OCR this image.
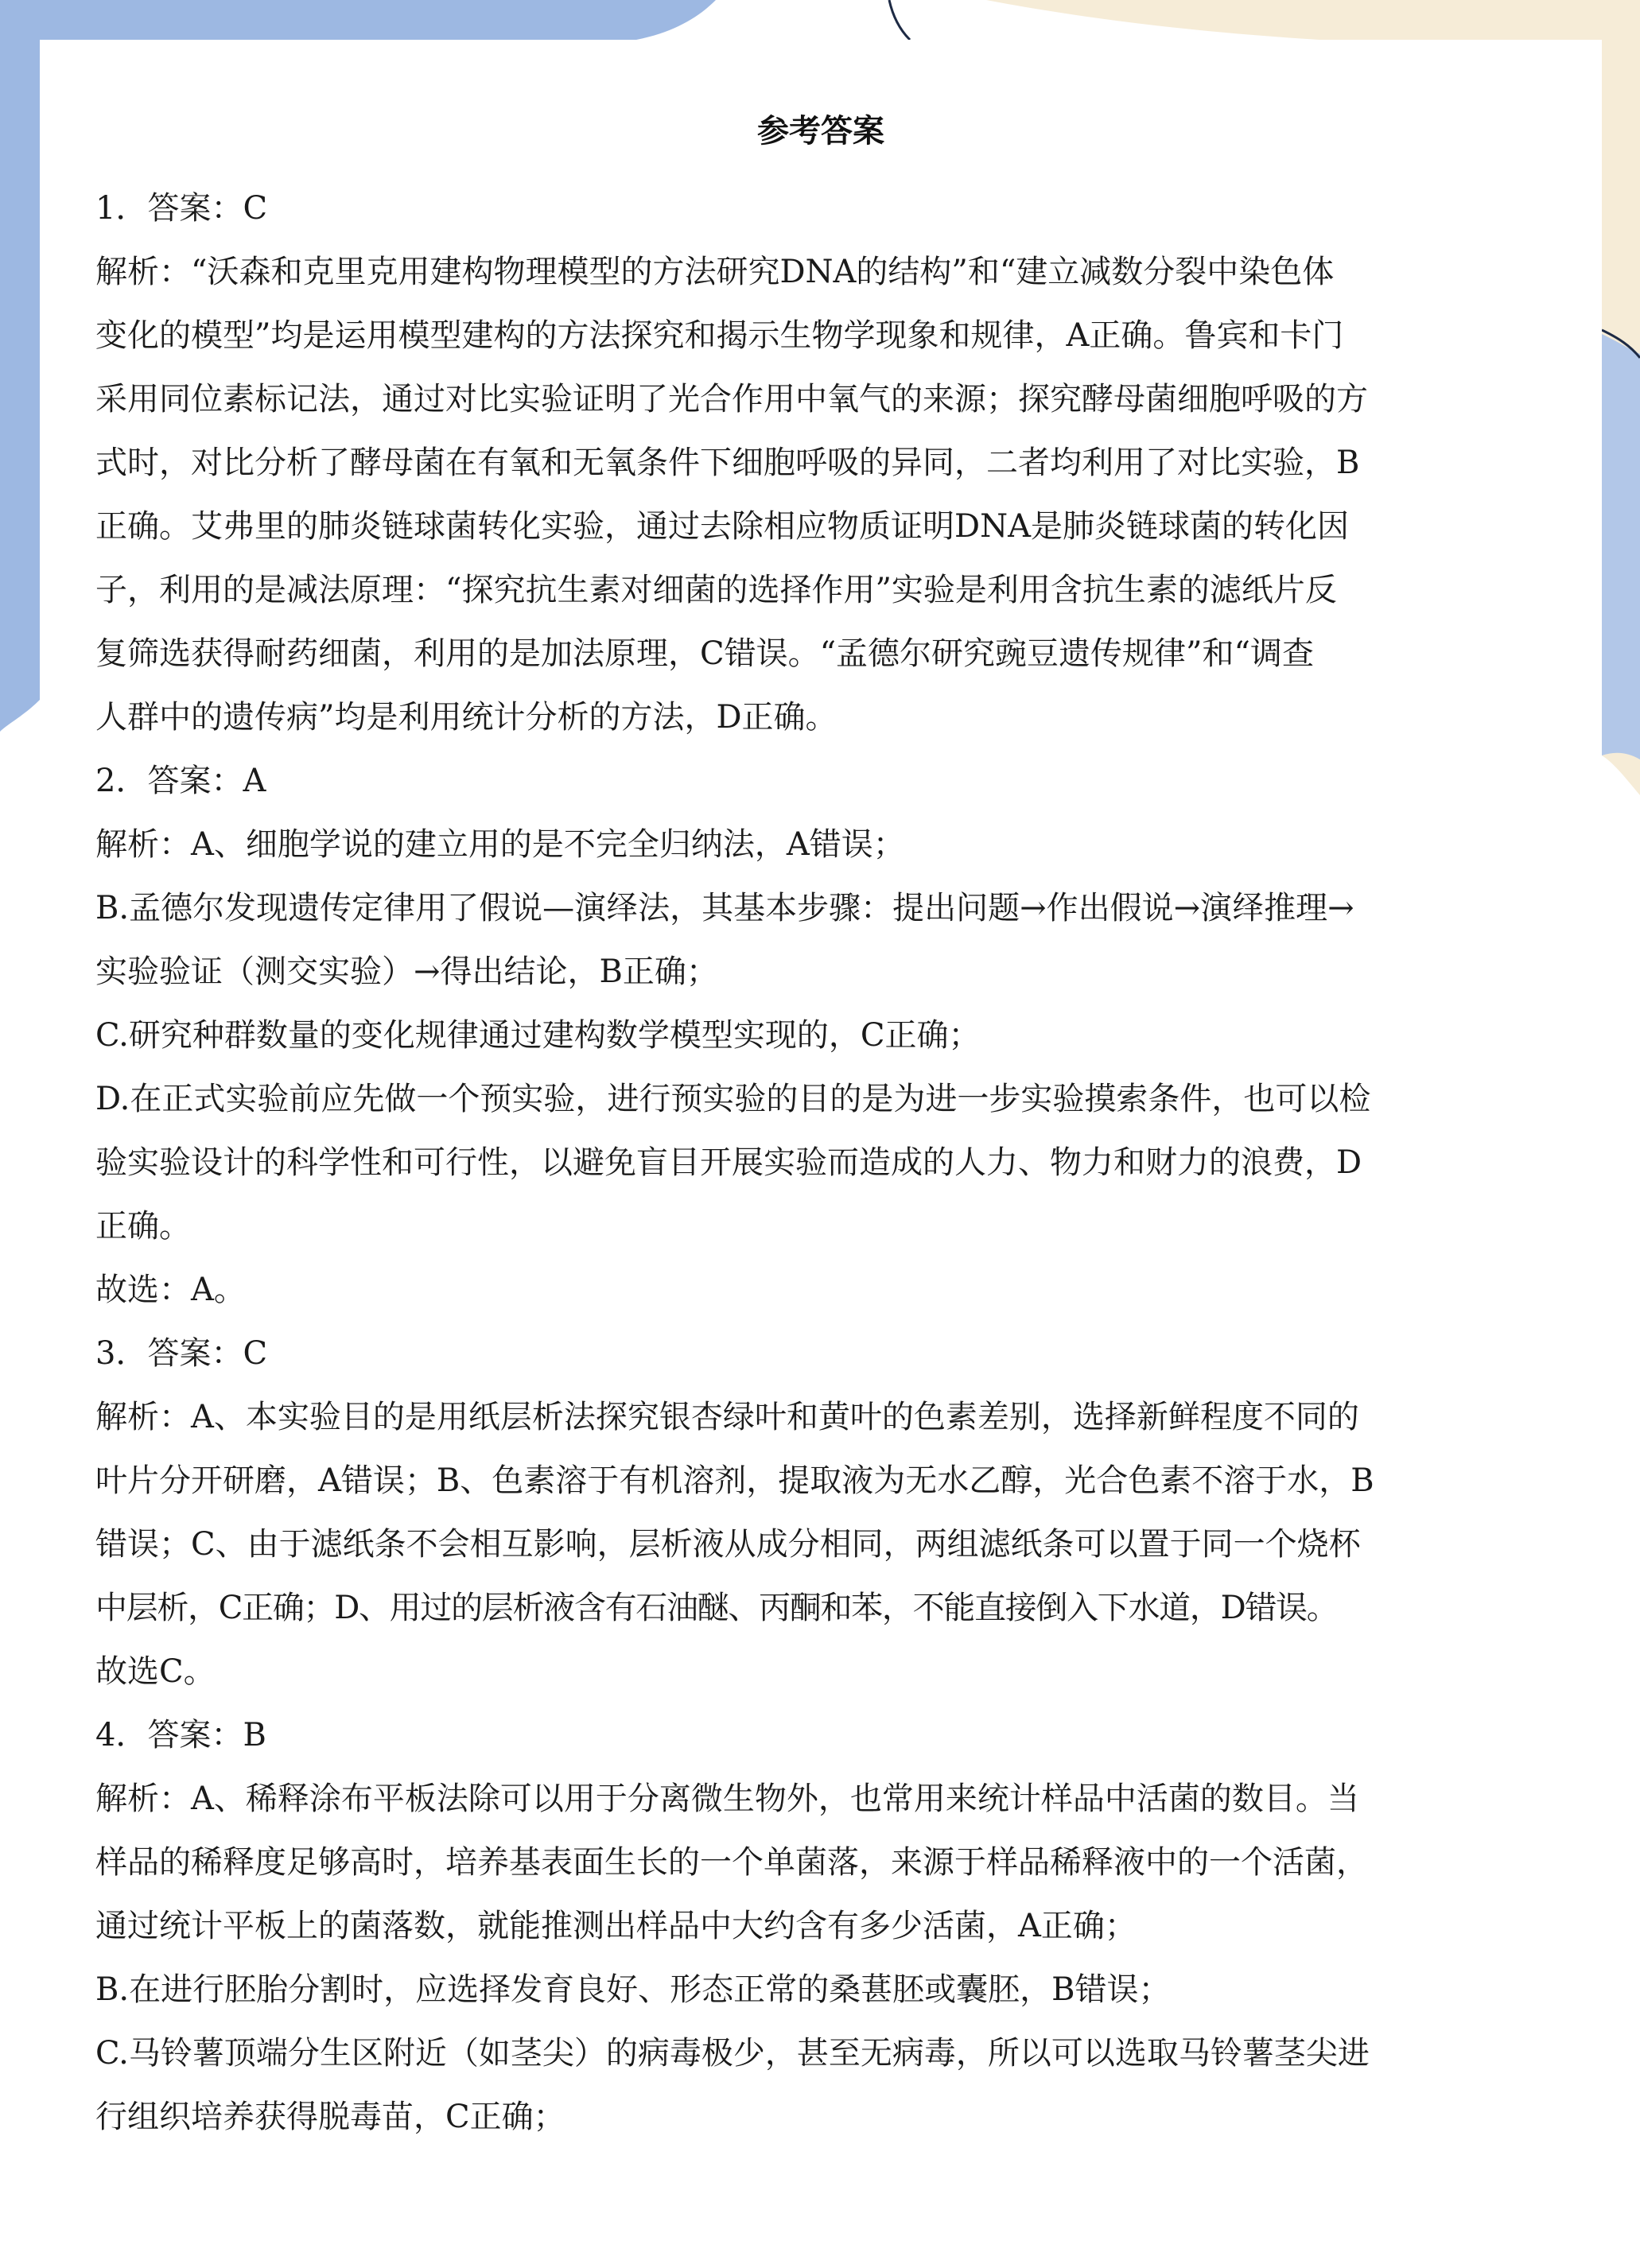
参考答案
1．答案：C
解析：“沃森和克里克用建构物理模型的方法研究DNA的结构”和“建立减数分裂中染色体
变化的模型”均是运用模型建构的方法探究和揭示生物学现象和规律，A正确。鲁宾和卡门
采用同位素标记法，通过对比实验证明了光合作用中氧气的来源；探究酵母菌细胞呼吸的方
式时，对比分析了酵母菌在有氧和无氧条件下细胞呼吸的异同，二者均利用了对比实验，B
正确。艾弗里的肺炎链球菌转化实验，通过去除相应物质证明DNA是肺炎链球菌的转化因
子，利用的是减法原理：“探究抗生素对细菌的选择作用”实验是利用含抗生素的滤纸片反
复筛选获得耐药细菌，利用的是加法原理，C错误。“孟德尔研究豌豆遗传规律”和“调查
人群中的遗传病”均是利用统计分析的方法，D正确。
2．答案：A
解析：A、细胞学说的建立用的是不完全归纳法，A错误；
B.孟德尔发现遗传定律用了假说—演绎法，其基本步骤：提出问题→作出假说→演绎推理→
实验验证（测交实验）→得出结论，B正确；
C.研究种群数量的变化规律通过建构数学模型实现的，C正确；
D.在正式实验前应先做一个预实验，进行预实验的目的是为进一步实验摸索条件，也可以检
验实验设计的科学性和可行性，以避免盲目开展实验而造成的人力、物力和财力的浪费，D
正确。
故选：A。
3．答案：C
解析：A、本实验目的是用纸层析法探究银杏绿叶和黄叶的色素差别，选择新鲜程度不同的
叶片分开研磨，A错误；B、色素溶于有机溶剂，提取液为无水乙醇，光合色素不溶于水，B
错误；C、由于滤纸条不会相互影响，层析液从成分相同，两组滤纸条可以置于同一个烧杯
中层析，C正确；D、用过的层析液含有石油醚、丙酮和苯，不能直接倒入下水道，D错误。
故选C。
4．答案：B
解析：A、稀释涂布平板法除可以用于分离微生物外，也常用来统计样品中活菌的数目。当
样品的稀释度足够高时，培养基表面生长的一个单菌落，来源于样品稀释液中的一个活菌，
通过统计平板上的菌落数，就能推测出样品中大约含有多少活菌，A正确；
B.在进行胚胎分割时，应选择发育良好、形态正常的桑葚胚或囊胚，B错误；
C.马铃薯顶端分生区附近（如茎尖）的病毒极少，甚至无病毒，所以可以选取马铃薯茎尖进
行组织培养获得脱毒苗，C正确；
